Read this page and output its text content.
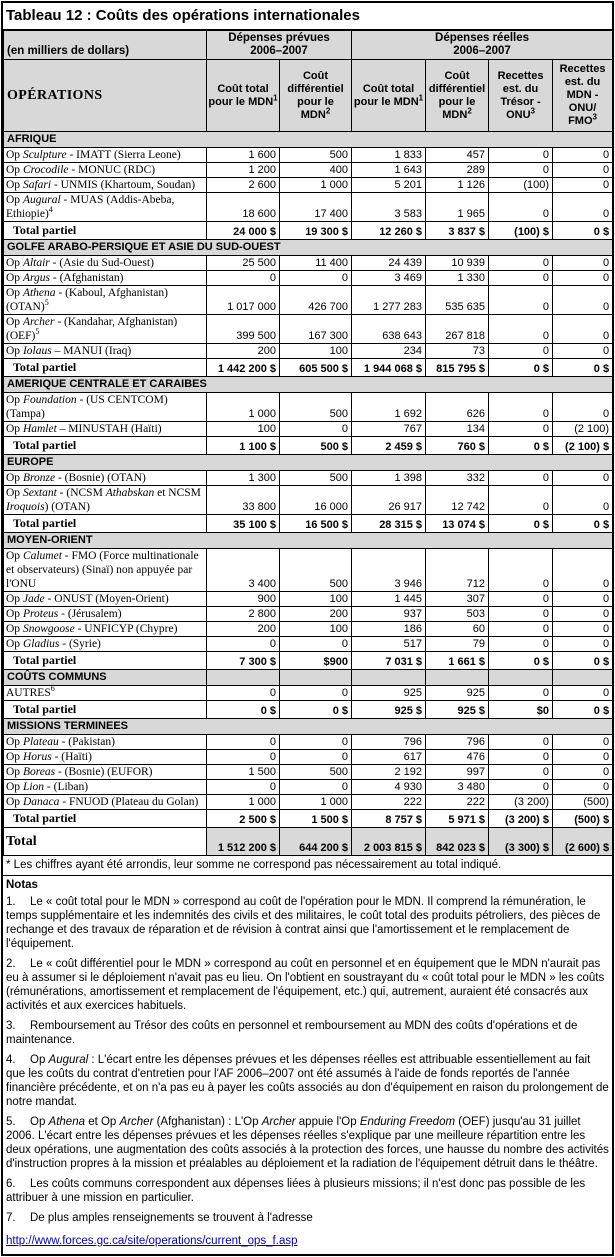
Tableau 12 : Coûts des opérations internationales
(en milliers de dollars)	Dépenses prévues
2006–2007		Dépenses réelles
2006–2007			
OPÉRATIONS	Coût total pour le MDN$^1$	Coût différentiel pour le MDN$^2$	Coût total pour le MDN$^1$	Coût différentiel pour le MDN$^2$	Recettes est. du Trésor - ONU$^3$	Recettes est. du MDN - ONU/ FMO$^3$
AFRIQUE						
Op Sculpture - IMATT (Sierra Leone)	1 600	500	1 833	457	0	0
Op Crocodile - MONUC (RDC)	1 200	400	1 643	289	0	0
Op Safari - UNMIS (Khartoum, Soudan)	2 600	1 000	5 201	1 126	(100)	0
Op Augural - MUAS (Addis-Abeba, Ethiopie)$^4$	18 600	17 400	3 583	1 965	0	0
Total partiel	24 000 $	19 300 $	12 260 $	3 837 $	(100) $	0 $
GOLFE ARABO-PERSIQUE ET ASIE DU SUD-OUEST						
Op Altair - (Asie du Sud-Ouest)	25 500	11 400	24 439	10 939	0	0
Op Argus - (Afghanistan)	0	0	3 469	1 330	0	0
Op Athena - (Kaboul, Afghanistan) (OTAN)$^5$	1 017 000	426 700	1 277 283	535 635	0	0
Op Archer - (Kandahar, Afghanistan) (OEF)$^5$	399 500	167 300	638 643	267 818	0	0
Op Iolaus – MANUI (Iraq)	200	100	234	73	0	0
Total partiel	1 442 200 $	605 500 $	1 944 068 $	815 795 $	0 $	0 $
AMERIQUE CENTRALE ET CARAIBES						
Op Foundation - (US CENTCOM) (Tampa)	1 000	500	1 692	626	0	0
Op Hamlet – MINUSTAH (Haïti)	100	0	767	134	0	(2 100)
Total partiel	1 100 $	500 $	2 459 $	760 $	0 $	(2 100) $
EUROPE						
Op Bronze - (Bosnie) (OTAN)	1 300	500	1 398	332	0	0
Op Sextant - (NCSM Athabskan et NCSM Iroquois) (OTAN)	33 800	16 000	26 917	12 742	0	0
Total partiel	35 100 $	16 500 $	28 315 $	13 074 $	0 $	0 $
MOYEN-ORIENT						
Op Calumet - FMO (Force multinationale et observateurs) (Sinaï) non appuyée par l'ONU	3 400	500	3 946	712	0	0
Op Jade - ONUST (Moyen-Orient)	900	100	1 445	307	0	0
Op Proteus - (Jérusalem)	2 800	200	937	503	0	0
Op Snowgoose - UNFICYP (Chypre)	200	100	186	60	0	0
Op Gladius - (Syrie)	0	0	517	79	0	0
Total partiel	7 300 $	$900	7 031 $	1 661 $	0 $	0 $
COÛTS COMMUNS						
AUTRES$^6$	0	0	925	925	0	0
Total partiel	0 $	0 $	925 $	925 $	$0	0 $
MISSIONS TERMINEES						
Op Plateau - (Pakistan)	0	0	796	796	0	0
Op Horus - (Haïti)	0	0	617	476	0	0
Op Boreas - (Bosnie) (EUFOR)	1 500	500	2 192	997	0	0
Op Lion - (Liban)	0	0	4 930	3 480	0	0
Op Danaca - FNUOD (Plateau du Golan)	1 000	1 000	222	222	(3 200)	(500)
Total partiel	2 500 $	1 500 $	8 757 $	5 971 $	(3 200) $	(500) $
Total	1 512 200 $	644 200 $	2 003 815 $	842 023 $	(3 300) $	(2 600) $
* Les chiffres ayant été arrondis, leur somme ne correspond pas nécessairement au total indiqué.
Notas

1. Le « coût total pour le MDN » correspond au coût de l'opération pour le MDN. Il comprend la rémunération, le temps supplémentaire et les indemnités des civils et des militaires, le coût total des produits pétroliers, des pièces de rechange et des travaux de réparation et de révision à contrat ainsi que l'amortissement et le remplacement de l'équipement.

2. Le « coût différentiel pour le MDN » correspond au coût en personnel et en équipement que le MDN n'aurait pas eu à assumer si le déploiement n'avait pas eu lieu. On l'obtient en soustrayant du « coût total pour le MDN » les coûts (rémunérations, amortissement et remplacement de l'équipement, etc.) qui, autrement, auraient été consacrés aux activités et aux exercices habituels.

3. Remboursement au Trésor des coûts en personnel et remboursement au MDN des coûts d'opérations et de maintenance.

4. Op Augural : L'écart entre les dépenses prévues et les dépenses réelles est attribuable essentiellement au fait que les coûts du contrat d'entretien pour l'AF 2006–2007 ont été assumés à l'aide de fonds reportés de l'année financière précédente, et on n'a pas eu à payer les coûts associés au don d'équipement en raison du prolongement de notre mandat.

5. Op Athena et Op Archer (Afghanistan) : L'Op Archer appuie l'Op Enduring Freedom (OEF) jusqu'au 31 juillet 2006. L'écart entre les dépenses prévues et les dépenses réelles s'explique par une meilleure répartition entre les deux opérations, une augmentation des coûts associés à la protection des forces, une hausse du nombre des activités d'instruction propres à la mission et préalables au déploiement et la radiation de l'équipement détruit dans le théâtre.

6. Les coûts communs correspondent aux dépenses liées à plusieurs missions; il n'est donc pas possible de les attribuer à une mission en particulier.

7. De plus amples renseignements se trouvent à l'adresse

http://www.forces.gc.ca/site/operations/current_ops_f.asp
